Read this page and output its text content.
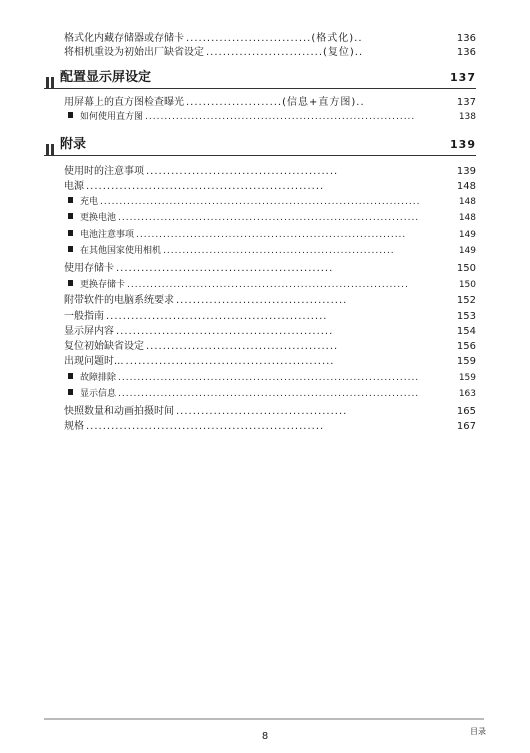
格式化内藏存储器或存储卡 ..............................(格式化)..	136
将相机重设为初始出厂缺省设定 ............................(复位)..	136
配置显示屏设定	137
用屏幕上的直方图检查曝光 .......................(信息+直方图)..	137
如何使用直方图 ......................................................................	138
附录	139
使用时的注意事项 ..............................................	139
电源 .........................................................	148
充电 ...................................................................................	148
更换电池 ..............................................................................	148
电池注意事项 ......................................................................	149
在其他国家使用相机 ............................................................	149
使用存储卡 ....................................................	150
更换存储卡 .........................................................................	150
附带软件的电脑系统要求 .........................................	152
一般指南 .....................................................	153
显示屏内容 ....................................................	154
复位初始缺省设定 ..............................................	156
出现问题时... ..................................................	159
故障排除 ..............................................................................	159
显示信息 ..............................................................................	163
快照数量和动画拍摄时间 .........................................	165
规格 .........................................................	167
8	目录
